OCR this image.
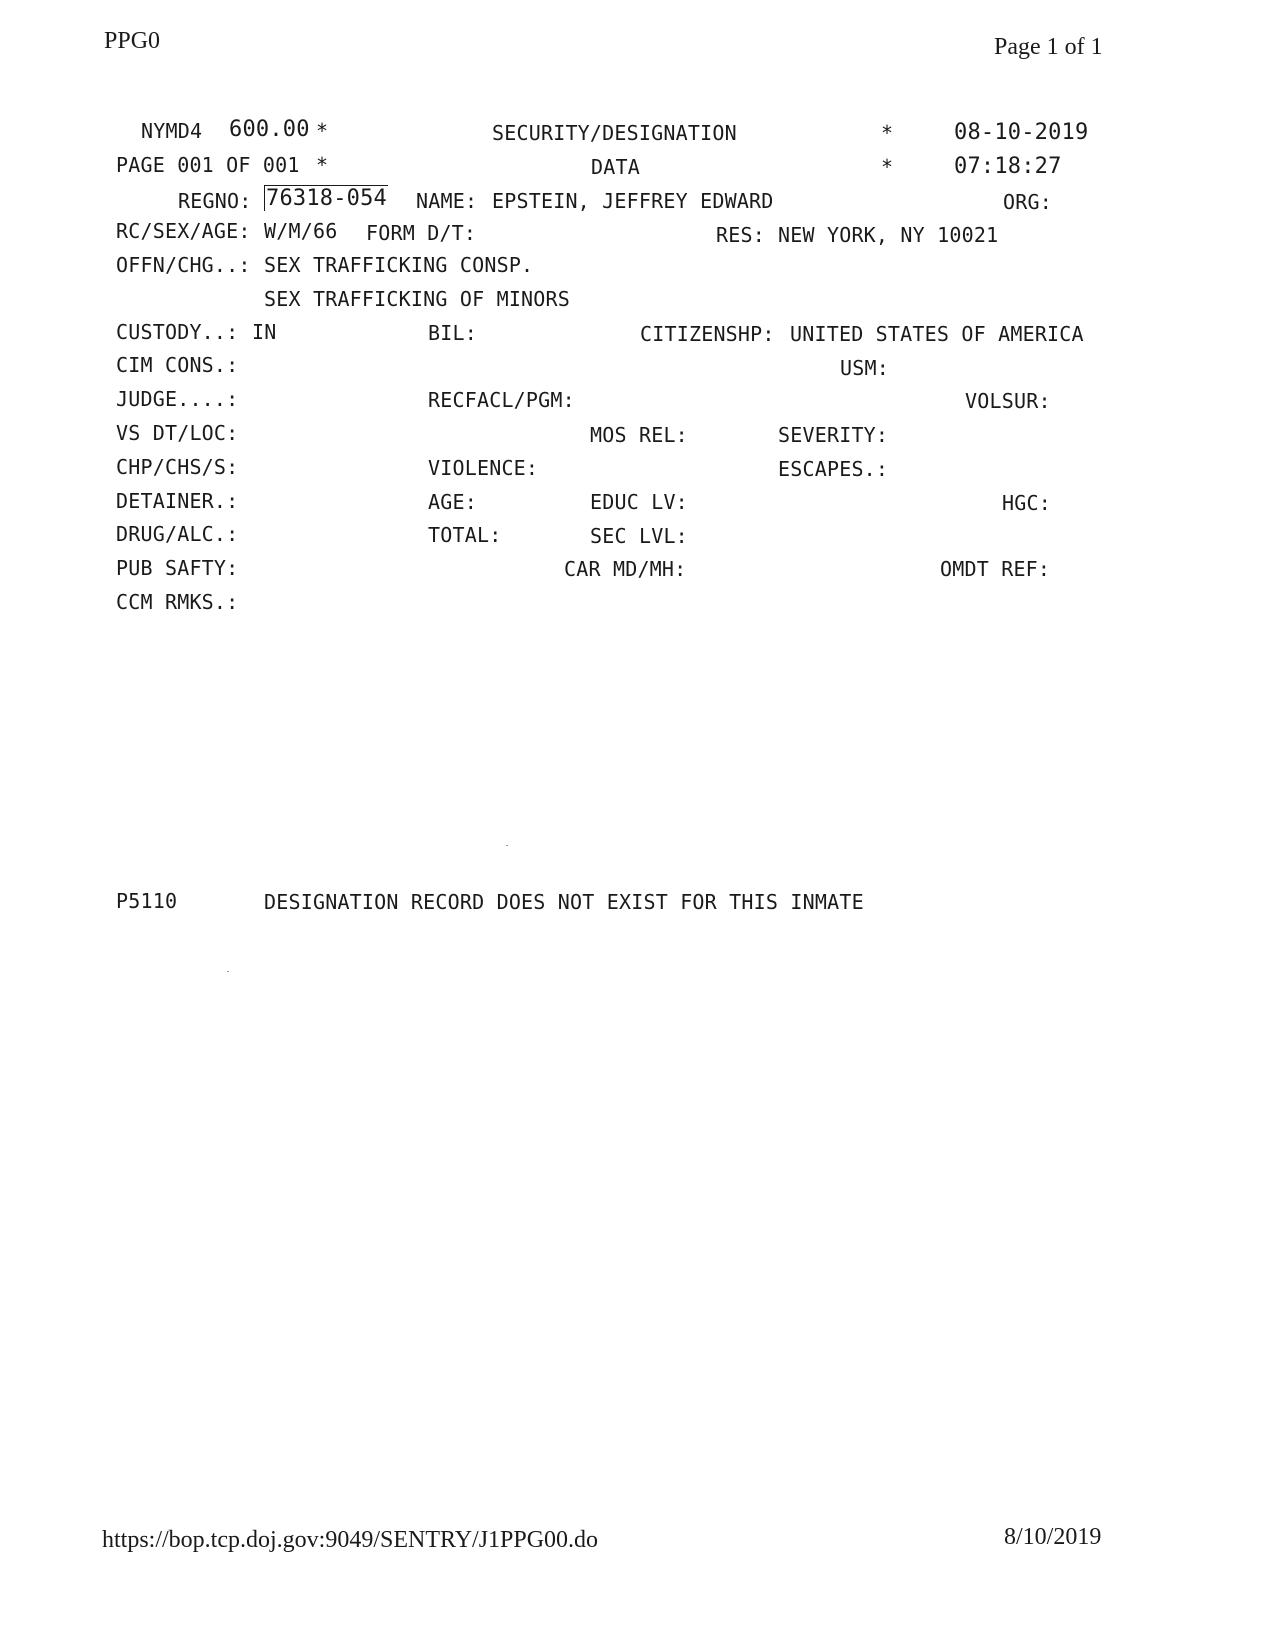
PPG0	Page 1 of 1
NYMD4 600.00 *	SECURITY/DESIGNATION	*	08-10-2019
PAGE 001 OF 001 *	DATA	*	07:18:27
REGNO: 76318-054 NAME: EPSTEIN, JEFFREY EDWARD	ORG:
RC/SEX/AGE: W/M/66 FORM D/T:	RES: NEW YORK, NY 10021
OFFN/CHG..: SEX TRAFFICKING CONSP.
SEX TRAFFICKING OF MINORS
CUSTODY..: IN	BIL:	CITIZENSHP: UNITED STATES OF AMERICA
CIM CONS.:	USM:
JUDGE....:	RECFACL/PGM:	VOLSUR:
VS DT/LOC:	MOS REL:	SEVERITY:
CHP/CHS/S:	VIOLENCE:	ESCAPES.:
DETAINER.:	AGE:	EDUC LV:	HGC:
DRUG/ALC.:	TOTAL:	SEC LVL:
PUB SAFTY:	CAR MD/MH:	OMDT REF:
CCM RMKS.:
P5110	DESIGNATION RECORD DOES NOT EXIST FOR THIS INMATE
https://bop.tcp.doj.gov:9049/SENTRY/J1PPG00.do	8/10/2019
